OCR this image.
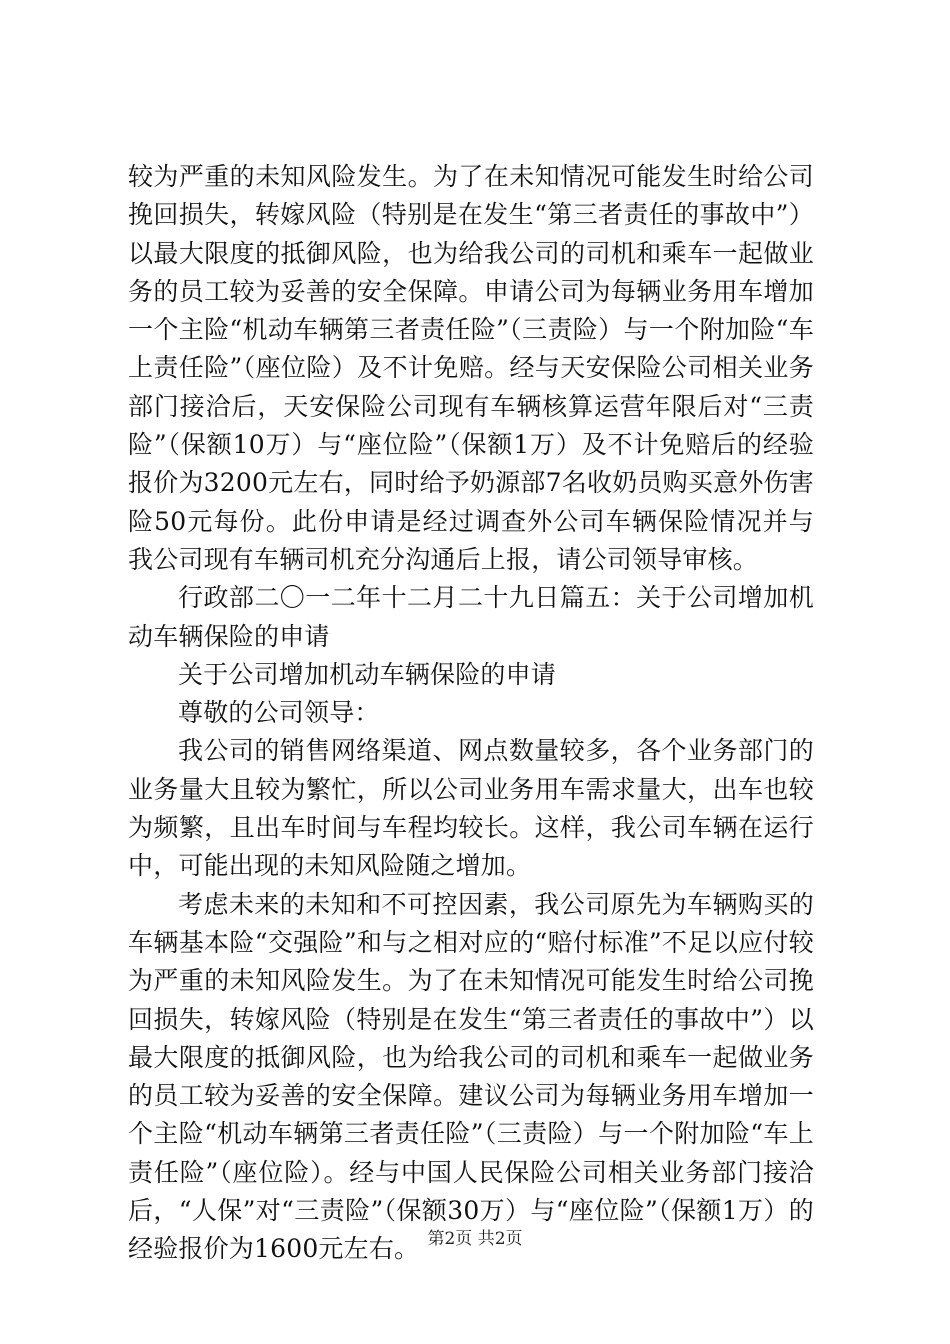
较为严重的未知风险发生。为了在未知情况可能发生时给公司挽回损失，转嫁风险（特别是在发生“第三者责任的事故中”）以最大限度的抵御风险，也为给我公司的司机和乘车一起做业务的员工较为妥善的安全保障。申请公司为每辆业务用车增加一个主险“机动车辆第三者责任险”（三责险）与一个附加险“车上责任险”（座位险）及不计免赔。经与天安保险公司相关业务部门接洽后，天安保险公司现有车辆核算运营年限后对“三责险”（保额10万）与“座位险”（保额1万）及不计免赔后的经验报价为3200元左右，同时给予奶源部7名收奶员购买意外伤害险50元每份。此份申请是经过调查外公司车辆保险情况并与我公司现有车辆司机充分沟通后上报，请公司领导审核。

行政部二〇一二年十二月二十九日篇五：关于公司增加机动车辆保险的申请

关于公司增加机动车辆保险的申请

尊敬的公司领导：

我公司的销售网络渠道、网点数量较多，各个业务部门的业务量大且较为繁忙，所以公司业务用车需求量大，出车也较为频繁，且出车时间与车程均较长。这样，我公司车辆在运行中，可能出现的未知风险随之增加。

考虑未来的未知和不可控因素，我公司原先为车辆购买的车辆基本险“交强险”和与之相对应的“赔付标准”不足以应付较为严重的未知风险发生。为了在未知情况可能发生时给公司挽回损失，转嫁风险（特别是在发生“第三者责任的事故中”）以最大限度的抵御风险，也为给我公司的司机和乘车一起做业务的员工较为妥善的安全保障。建议公司为每辆业务用车增加一个主险“机动车辆第三者责任险”（三责险）与一个附加险“车上责任险”（座位险）。经与中国人民保险公司相关业务部门接洽后，“人保”对“三责险”（保额30万）与“座位险”（保额1万）的经验报价为1600元左右。 第2页 共2页
